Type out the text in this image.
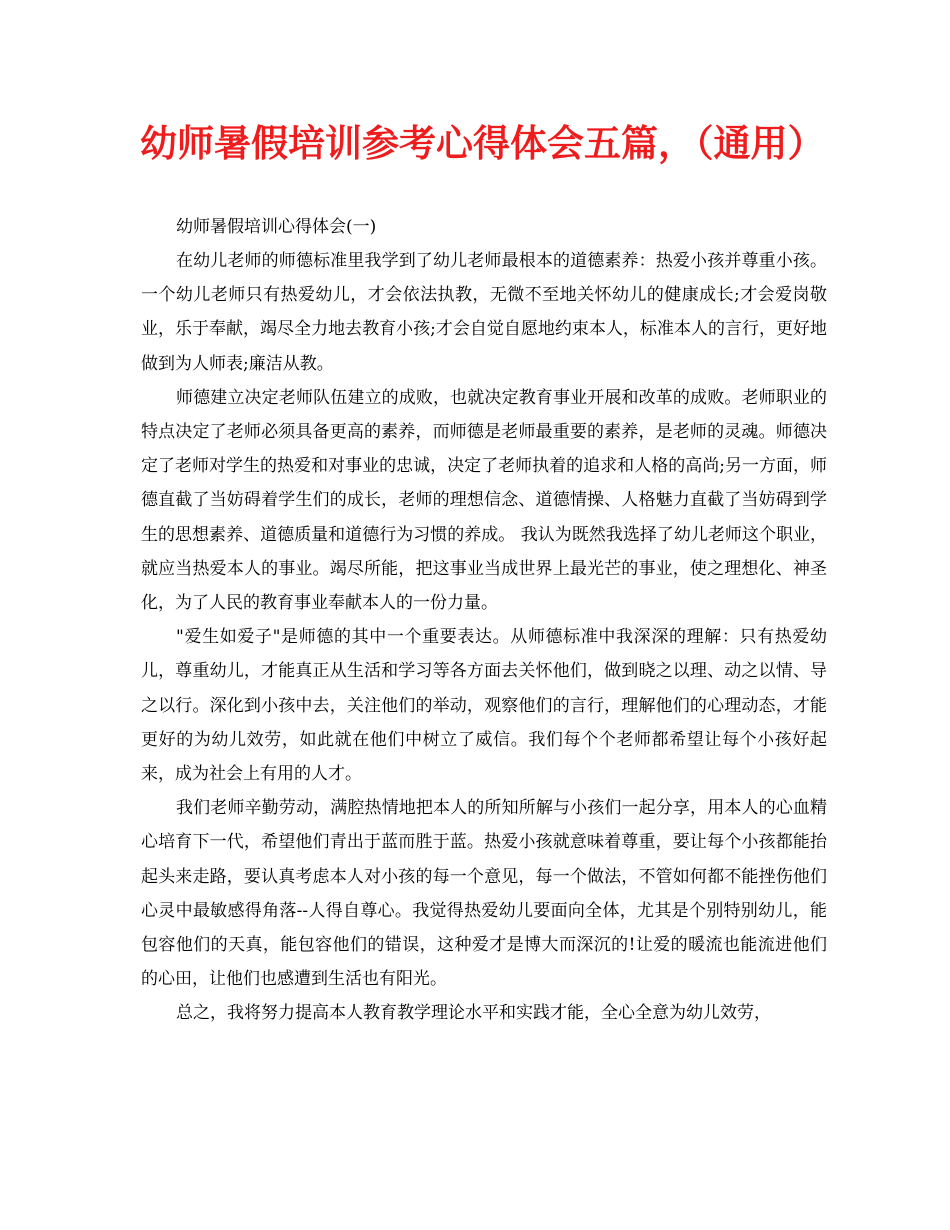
幼师暑假培训参考心得体会五篇，（通用）

幼师暑假培训心得体会(一)

在幼儿老师的师德标准里我学到了幼儿老师最根本的道德素养：热爱小孩并尊重小孩。一个幼儿老师只有热爱幼儿，才会依法执教，无微不至地关怀幼儿的健康成长;才会爱岗敬业，乐于奉献，竭尽全力地去教育小孩;才会自觉自愿地约束本人，标准本人的言行，更好地做到为人师表;廉洁从教。

师德建立决定老师队伍建立的成败，也就决定教育事业开展和改革的成败。老师职业的特点决定了老师必须具备更高的素养，而师德是老师最重要的素养，是老师的灵魂。师德决定了老师对学生的热爱和对事业的忠诚，决定了老师执着的追求和人格的高尚;另一方面，师德直截了当妨碍着学生们的成长，老师的理想信念、道德情操、人格魅力直截了当妨碍到学生的思想素养、道德质量和道德行为习惯的养成。 我认为既然我选择了幼儿老师这个职业，就应当热爱本人的事业。竭尽所能，把这事业当成世界上最光芒的事业，使之理想化、神圣化，为了人民的教育事业奉献本人的一份力量。

"爱生如爱子"是师德的其中一个重要表达。从师德标准中我深深的理解：只有热爱幼儿，尊重幼儿，才能真正从生活和学习等各方面去关怀他们，做到晓之以理、动之以情、导之以行。深化到小孩中去，关注他们的举动，观察他们的言行，理解他们的心理动态，才能更好的为幼儿效劳，如此就在他们中树立了威信。我们每个个老师都希望让每个小孩好起来，成为社会上有用的人才。

我们老师辛勤劳动，满腔热情地把本人的所知所解与小孩们一起分享，用本人的心血精心培育下一代，希望他们青出于蓝而胜于蓝。热爱小孩就意味着尊重，要让每个小孩都能抬起头来走路，要认真考虑本人对小孩的每一个意见，每一个做法，不管如何都不能挫伤他们心灵中最敏感得角落--人得自尊心。我觉得热爱幼儿要面向全体，尤其是个别特别幼儿，能包容他们的天真，能包容他们的错误，这种爱才是博大而深沉的!让爱的暖流也能流进他们的心田，让他们也感遭到生活也有阳光。

总之，我将努力提高本人教育教学理论水平和实践才能，全心全意为幼儿效劳，
